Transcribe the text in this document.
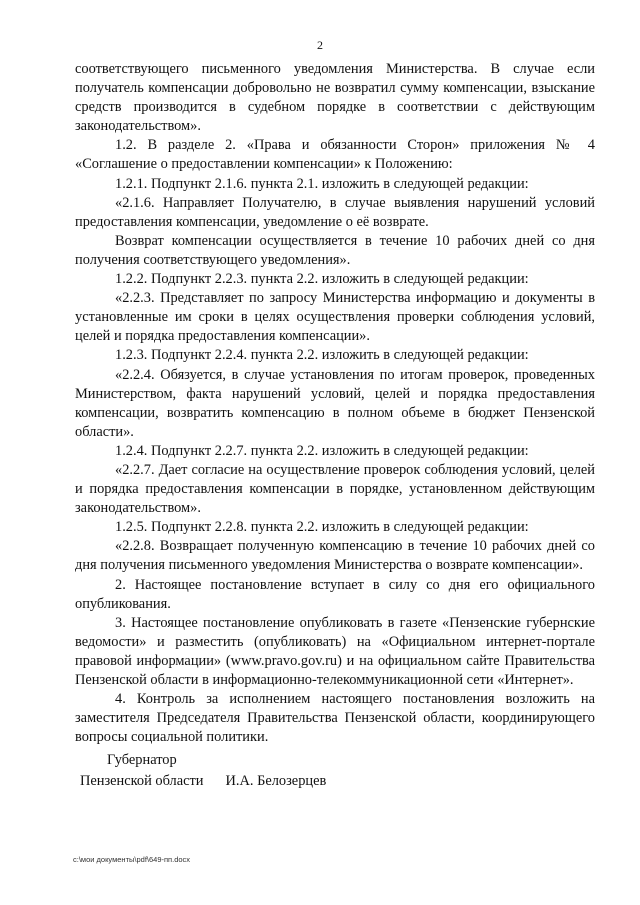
2

соответствующего письменного уведомления Министерства. В случае если получатель компенсации добровольно не возвратил сумму компенсации, взыскание средств производится в судебном порядке в соответствии с действующим законодательством».

1.2. В разделе 2. «Права и обязанности Сторон» приложения № 4 «Соглашение о предоставлении компенсации» к Положению:

1.2.1. Подпункт 2.1.6. пункта 2.1. изложить в следующей редакции:

«2.1.6. Направляет Получателю, в случае выявления нарушений условий предоставления компенсации, уведомление о её возврате.

Возврат компенсации осуществляется в течение 10 рабочих дней со дня получения соответствующего уведомления».

1.2.2. Подпункт 2.2.3. пункта 2.2. изложить в следующей редакции:

«2.2.3. Представляет по запросу Министерства информацию и документы в установленные им сроки в целях осуществления проверки соблюдения условий, целей и порядка предоставления компенсации».

1.2.3. Подпункт 2.2.4. пункта 2.2. изложить в следующей редакции:

«2.2.4. Обязуется, в случае установления по итогам проверок, проведенных Министерством, факта нарушений условий, целей и порядка предоставления компенсации, возвратить компенсацию в полном объеме в бюджет Пензенской области».

1.2.4. Подпункт 2.2.7. пункта 2.2. изложить в следующей редакции:

«2.2.7. Дает согласие на осуществление проверок соблюдения условий, целей и порядка предоставления компенсации в порядке, установленном действующим законодательством».

1.2.5. Подпункт 2.2.8. пункта 2.2. изложить в следующей редакции:

«2.2.8. Возвращает полученную компенсацию в течение 10 рабочих дней со дня получения письменного уведомления Министерства о возврате компенсации».

2. Настоящее постановление вступает в силу со дня его официального опубликования.

3. Настоящее постановление опубликовать в газете «Пензенские губернские ведомости» и разместить (опубликовать) на «Официальном интернет-портале правовой информации» (www.pravo.gov.ru) и на официальном сайте Правительства Пензенской области в информационно-телекоммуникационной сети «Интернет».

4. Контроль за исполнением настоящего постановления возложить на заместителя Председателя Правительства Пензенской области, координирующего вопросы социальной политики.

Губернатор
Пензенской области И.А. Белозерцев
c:\мои документы\pdf\649-пп.docx
